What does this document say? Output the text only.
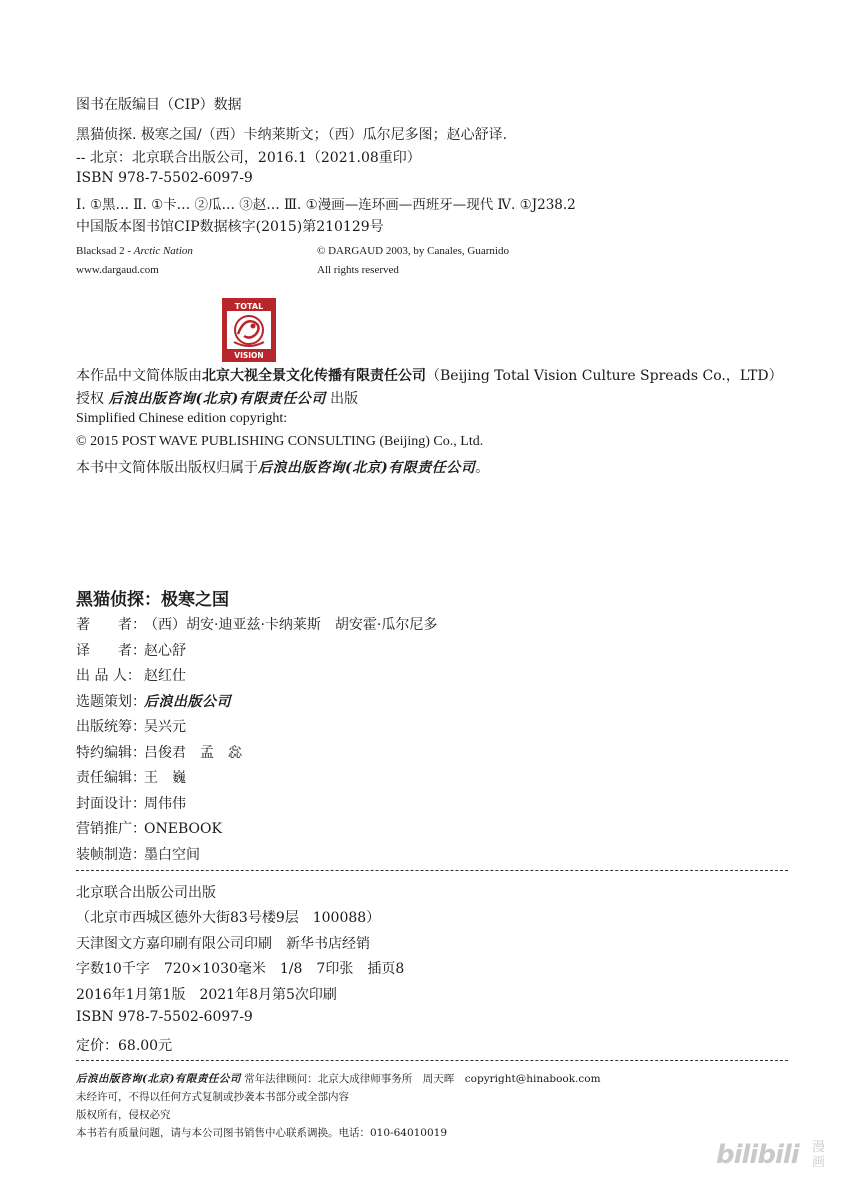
图书在版编目（CIP）数据
黑猫侦探. 极寒之国/（西）卡纳莱斯文；（西）瓜尔尼多图；赵心舒译.
-- 北京：北京联合出版公司，2016.1（2021.08重印）
ISBN 978-7-5502-6097-9
Ⅰ. ①黑… Ⅱ. ①卡… ②瓜… ③赵… Ⅲ. ①漫画—连环画—西班牙—现代 Ⅳ. ①J238.2
中国版本图书馆CIP数据核字(2015)第210129号
Blacksad 2 - Arctic Nation
www.dargaud.com
© DARGAUD 2003, by Canales, Guarnido
All rights reserved
TOTAL
VISION
本作品中文简体版由北京大视全景文化传播有限责任公司（Beijing Total Vision Culture Spreads Co.，LTD）
授权 后浪出版咨询(北京)有限责任公司 出版
Simplified Chinese edition copyright:
© 2015 POST WAVE PUBLISHING CONSULTING (Beijing) Co., Ltd.
本书中文简体版出版权归属于后浪出版咨询(北京)有限责任公司。
黑猫侦探：极寒之国
著　　者：（西）胡安·迪亚兹·卡纳莱斯　胡安霍·瓜尔尼多
译　　者：赵心舒
出 品 人： 赵红仕
选题策划：后浪出版公司
出版统筹：吴兴元
特约编辑：吕俊君　孟　惢
责任编辑：王　巍
封面设计：周伟伟
营销推广：ONEBOOK
装帧制造：墨白空间
北京联合出版公司出版
（北京市西城区德外大街83号楼9层　100088）
天津图文方嘉印刷有限公司印刷　新华书店经销
字数10千字　720×1030毫米　1/8　7印张　插页8
2016年1月第1版　2021年8月第5次印刷
ISBN 978-7-5502-6097-9
定价：68.00元
后浪出版咨询(北京)有限责任公司 常年法律顾问：北京大成律师事务所　周天晖　copyright@hinabook.com
未经许可，不得以任何方式复制或抄袭本书部分或全部内容
版权所有，侵权必究
本书若有质量问题，请与本公司图书销售中心联系调换。电话：010-64010019
bilibili 漫画
